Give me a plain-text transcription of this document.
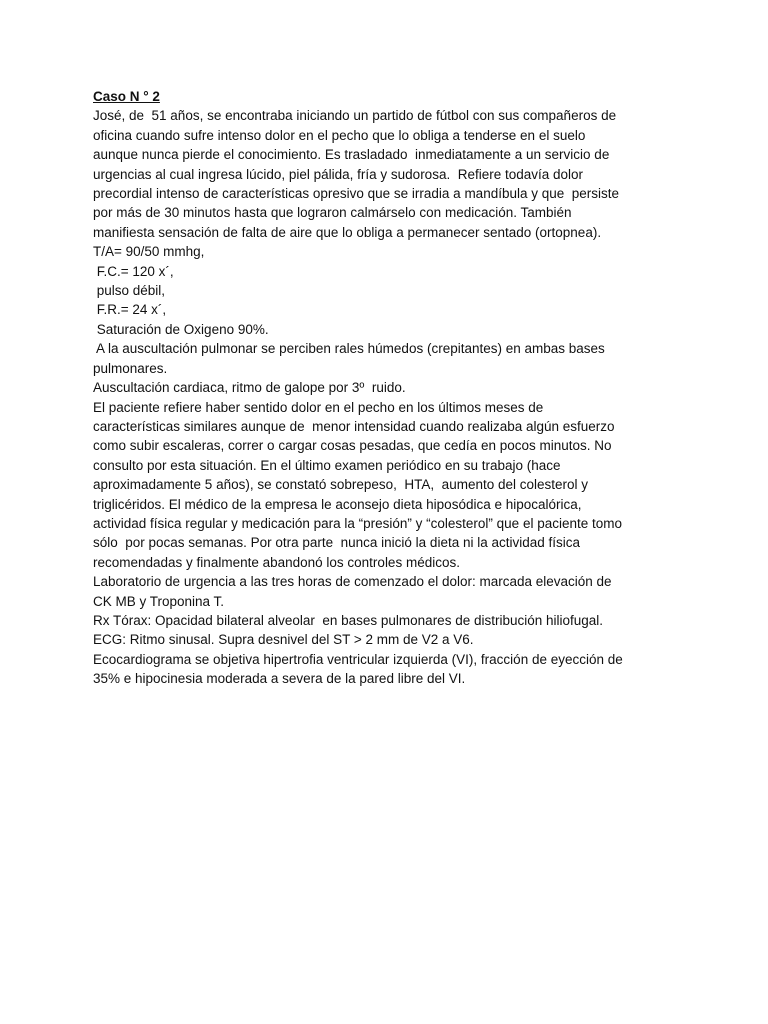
Caso N ° 2

José, de  51 años, se encontraba iniciando un partido de fútbol con sus compañeros de

oficina cuando sufre intenso dolor en el pecho que lo obliga a tenderse en el suelo

aunque nunca pierde el conocimiento. Es trasladado  inmediatamente a un servicio de

urgencias al cual ingresa lúcido, piel pálida, fría y sudorosa.  Refiere todavía dolor

precordial intenso de características opresivo que se irradia a mandíbula y que  persiste

por más de 30 minutos hasta que lograron calmárselo con medicación. También

manifiesta sensación de falta de aire que lo obliga a permanecer sentado (ortopnea).

T/A= 90/50 mmhg,

F.C.= 120 x´,

pulso débil,

F.R.= 24 x´,

Saturación de Oxigeno 90%.

A la auscultación pulmonar se perciben rales húmedos (crepitantes) en ambas bases

pulmonares.

Auscultación cardiaca, ritmo de galope por 3º  ruido.

El paciente refiere haber sentido dolor en el pecho en los últimos meses de

características similares aunque de  menor intensidad cuando realizaba algún esfuerzo

como subir escaleras, correr o cargar cosas pesadas, que cedía en pocos minutos. No

consulto por esta situación. En el último examen periódico en su trabajo (hace

aproximadamente 5 años), se constató sobrepeso,  HTA,  aumento del colesterol y

triglicéridos. El médico de la empresa le aconsejo dieta hiposódica e hipocalórica,

actividad física regular y medicación para la “presión” y “colesterol” que el paciente tomo

sólo  por pocas semanas. Por otra parte  nunca inició la dieta ni la actividad física

recomendadas y finalmente abandonó los controles médicos.

Laboratorio de urgencia a las tres horas de comenzado el dolor: marcada elevación de

CK MB y Troponina T.

Rx Tórax: Opacidad bilateral alveolar  en bases pulmonares de distribución hiliofugal.

ECG: Ritmo sinusal. Supra desnivel del ST > 2 mm de V2 a V6.

Ecocardiograma se objetiva hipertrofia ventricular izquierda (VI), fracción de eyección de

35% e hipocinesia moderada a severa de la pared libre del VI.
